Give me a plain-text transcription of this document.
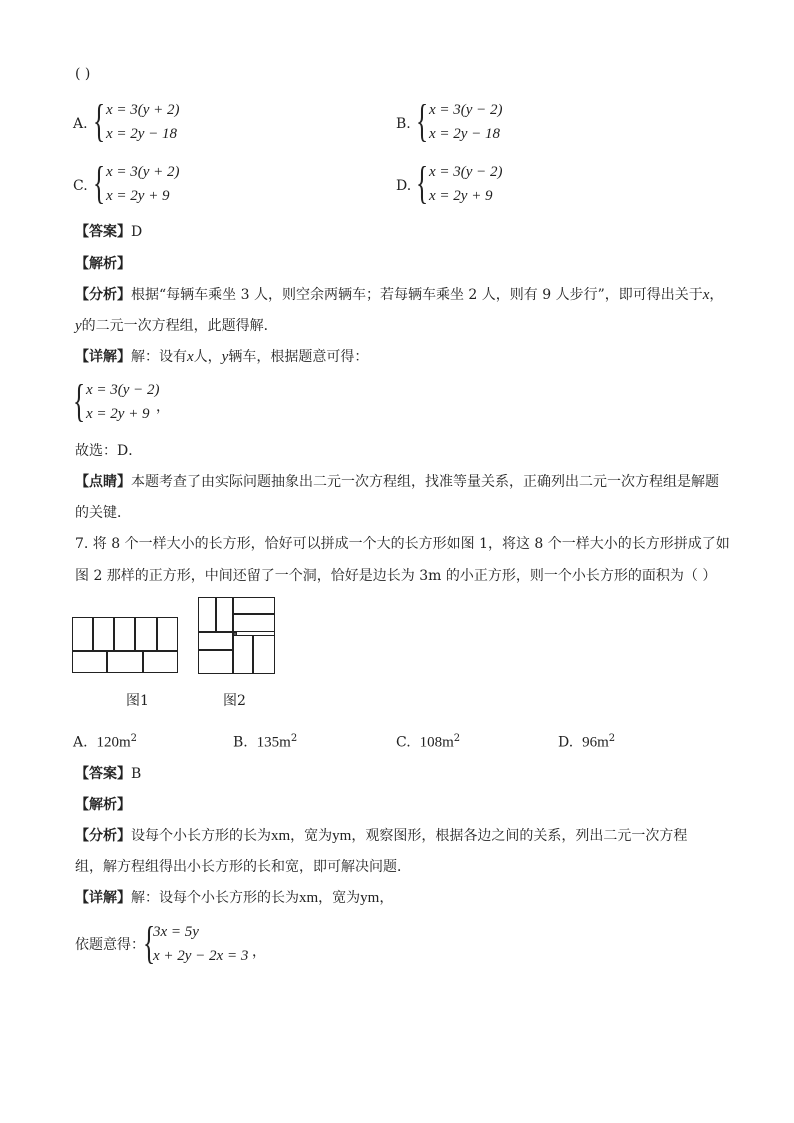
( )
A. { x = 3(y + 2)
x = 2y − 18
B. { x = 3(y − 2)
x = 2y − 18
C. { x = 3(y + 2)
x = 2y + 9
D. { x = 3(y − 2)
x = 2y + 9
【答案】D
【解析】
【分析】根据“每辆车乘坐 3 人，则空余两辆车；若每辆车乘坐 2 人，则有 9 人步行”，即可得出关于x，
y的二元一次方程组，此题得解．
【详解】解：设有x人，y辆车，根据题意可得：
{ x = 3(y − 2)
x = 2y + 9 ，
故选：D．
【点睛】本题考查了由实际问题抽象出二元一次方程组，找准等量关系，正确列出二元一次方程组是解题
的关键．
7. 将 8 个一样大小的长方形，恰好可以拼成一个大的长方形如图 1，将这 8 个一样大小的长方形拼成了如
图 2 那样的正方形，中间还留了一个洞，恰好是边长为 3m 的小正方形，则一个小长方形的面积为（ ）
图1	图2
A. $120m^2$	B. $135m^2$	C. $108m^2$	D. $96m^2$
【答案】B
【解析】
【分析】设每个小长方形的长为xm，宽为ym，观察图形，根据各边之间的关系，列出二元一次方程
组，解方程组得出小长方形的长和宽，即可解决问题．
【详解】解：设每个小长方形的长为xm，宽为ym，
依题意得：
{
3x = 5y
x + 2y − 2x = 3 ，
